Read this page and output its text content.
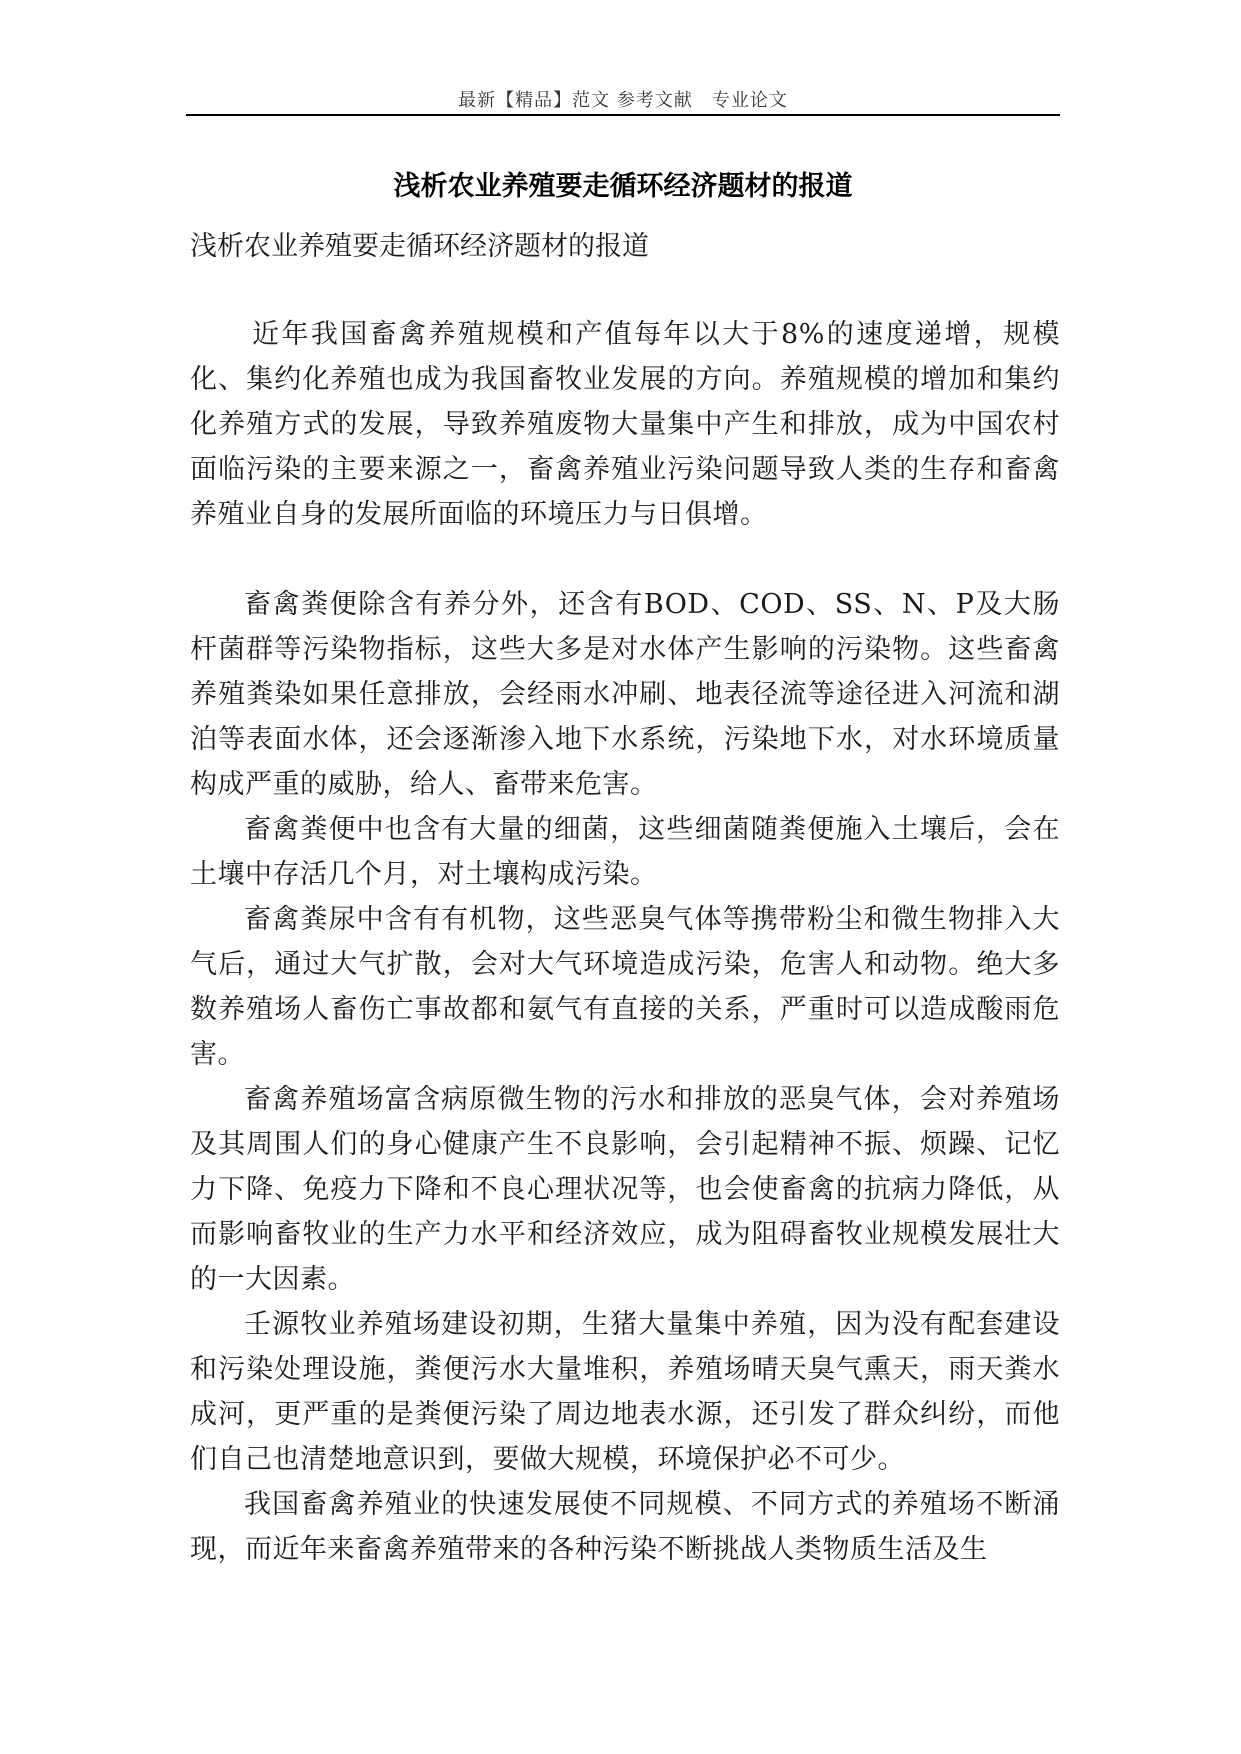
最新【精品】范文 参考文献　专业论文
浅析农业养殖要走循环经济题材的报道
浅析农业养殖要走循环经济题材的报道

近年我国畜禽养殖规模和产值每年以大于8%的速度递增，规模化、集约化养殖也成为我国畜牧业发展的方向。养殖规模的增加和集约化养殖方式的发展，导致养殖废物大量集中产生和排放，成为中国农村面临污染的主要来源之一，畜禽养殖业污染问题导致人类的生存和畜禽养殖业自身的发展所面临的环境压力与日俱增。

畜禽粪便除含有养分外，还含有BOD、COD、SS、N、P及大肠杆菌群等污染物指标，这些大多是对水体产生影响的污染物。这些畜禽养殖粪染如果任意排放，会经雨水冲刷、地表径流等途径进入河流和湖泊等表面水体，还会逐渐渗入地下水系统，污染地下水，对水环境质量构成严重的威胁，给人、畜带来危害。

畜禽粪便中也含有大量的细菌，这些细菌随粪便施入土壤后，会在土壤中存活几个月，对土壤构成污染。

畜禽粪尿中含有有机物，这些恶臭气体等携带粉尘和微生物排入大气后，通过大气扩散，会对大气环境造成污染，危害人和动物。绝大多数养殖场人畜伤亡事故都和氨气有直接的关系，严重时可以造成酸雨危害。

畜禽养殖场富含病原微生物的污水和排放的恶臭气体，会对养殖场及其周围人们的身心健康产生不良影响，会引起精神不振、烦躁、记忆力下降、免疫力下降和不良心理状况等，也会使畜禽的抗病力降低，从而影响畜牧业的生产力水平和经济效应，成为阻碍畜牧业规模发展壮大的一大因素。

壬源牧业养殖场建设初期，生猪大量集中养殖，因为没有配套建设和污染处理设施，粪便污水大量堆积，养殖场晴天臭气熏天，雨天粪水成河，更严重的是粪便污染了周边地表水源，还引发了群众纠纷，而他们自己也清楚地意识到，要做大规模，环境保护必不可少。

我国畜禽养殖业的快速发展使不同规模、不同方式的养殖场不断涌现，而近年来畜禽养殖带来的各种污染不断挑战人类物质生活及生
